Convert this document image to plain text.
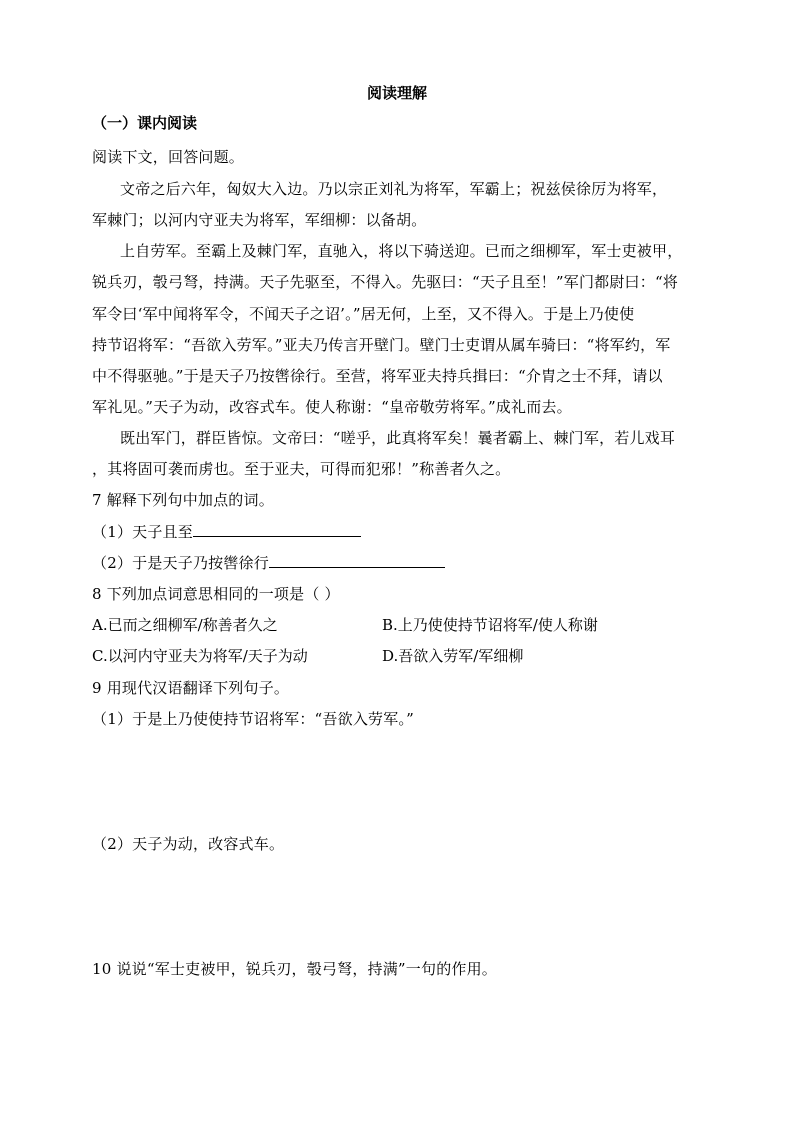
阅读理解
（一）课内阅读
阅读下文，回答问题。
文帝之后六年，匈奴大入边。乃以宗正刘礼为将军，军霸上；祝兹侯徐厉为将军，
军棘门；以河内守亚夫为将军，军细柳：以备胡。
上自劳军。至霸上及棘门军，直驰入，将以下骑送迎。已而之细柳军，军士吏被甲，
锐兵刃，彀弓弩，持满。天子先驱至，不得入。先驱曰：“天子且至！”军门都尉曰：“将
军令曰‘军中闻将军令，不闻天子之诏’。”居无何，上至，又不得入。于是上乃使使
持节诏将军：“吾欲入劳军。”亚夫乃传言开壁门。壁门士吏谓从属车骑曰：“将军约，军
中不得驱驰。”于是天子乃按辔徐行。至营，将军亚夫持兵揖曰：“介胄之士不拜，请以
军礼见。”天子为动，改容式车。使人称谢：“皇帝敬劳将军。”成礼而去。
既出军门，群臣皆惊。文帝曰：“嗟乎，此真将军矣！曩者霸上、棘门军，若儿戏耳
，其将固可袭而虏也。至于亚夫，可得而犯邪！”称善者久之。
7 解释下列句中加点的词。
（1）天子且至
（2）于是天子乃按辔徐行
8 下列加点词意思相同的一项是（ ）
A.已而之细柳军/称善者久之	B.上乃使使持节诏将军/使人称谢
C.以河内守亚夫为将军/天子为动	D.吾欲入劳军/军细柳
9 用现代汉语翻译下列句子。
（1）于是上乃使使持节诏将军：“吾欲入劳军。”
（2）天子为动，改容式车。
10 说说“军士吏被甲，锐兵刃，彀弓弩，持满”一句的作用。
